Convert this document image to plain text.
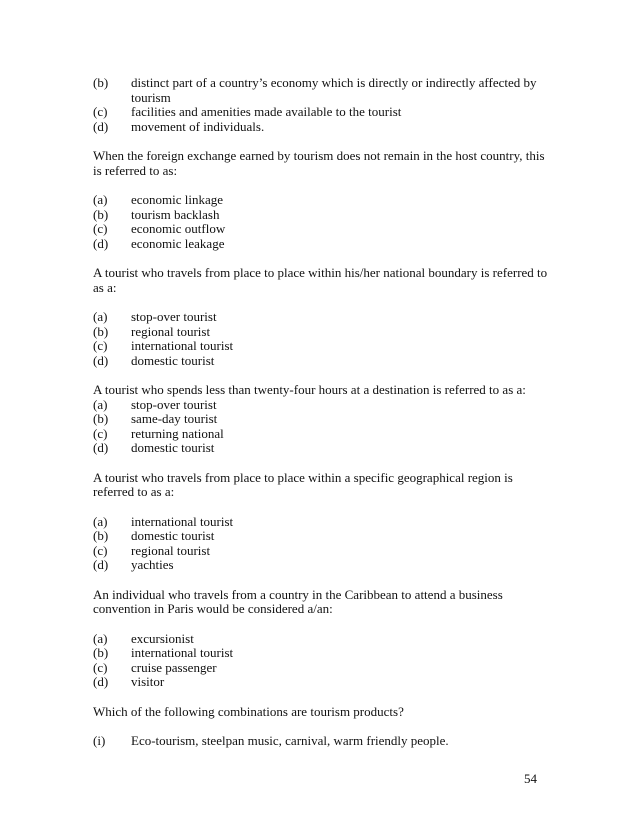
(b)	distinct part of a country’s economy which is directly or indirectly affected by tourism
(c)	facilities and amenities made available to the tourist
(d)	movement of individuals.
When the foreign exchange earned by tourism does not remain in the host country, this is referred to as:
(a)	economic linkage
(b)	tourism backlash
(c)	economic outflow
(d)	economic leakage
A tourist who travels from place to place within his/her national boundary is referred to as a:
(a)	stop-over tourist
(b)	regional tourist
(c)	international tourist
(d)	domestic tourist
A tourist who spends less than twenty-four hours at a destination is referred to as a:
(a)	stop-over tourist
(b)	same-day tourist
(c)	returning national
(d)	domestic tourist
A tourist who travels from place to place within a specific geographical region is referred to as a:
(a)	international tourist
(b)	domestic tourist
(c)	regional tourist
(d)	yachties
An individual who travels from a country in the Caribbean to attend a business convention in Paris would be considered a/an:
(a)	excursionist
(b)	international tourist
(c)	cruise passenger
(d)	visitor
Which of the following combinations are tourism products?
(i)	Eco-tourism, steelpan music, carnival, warm friendly people.
54
